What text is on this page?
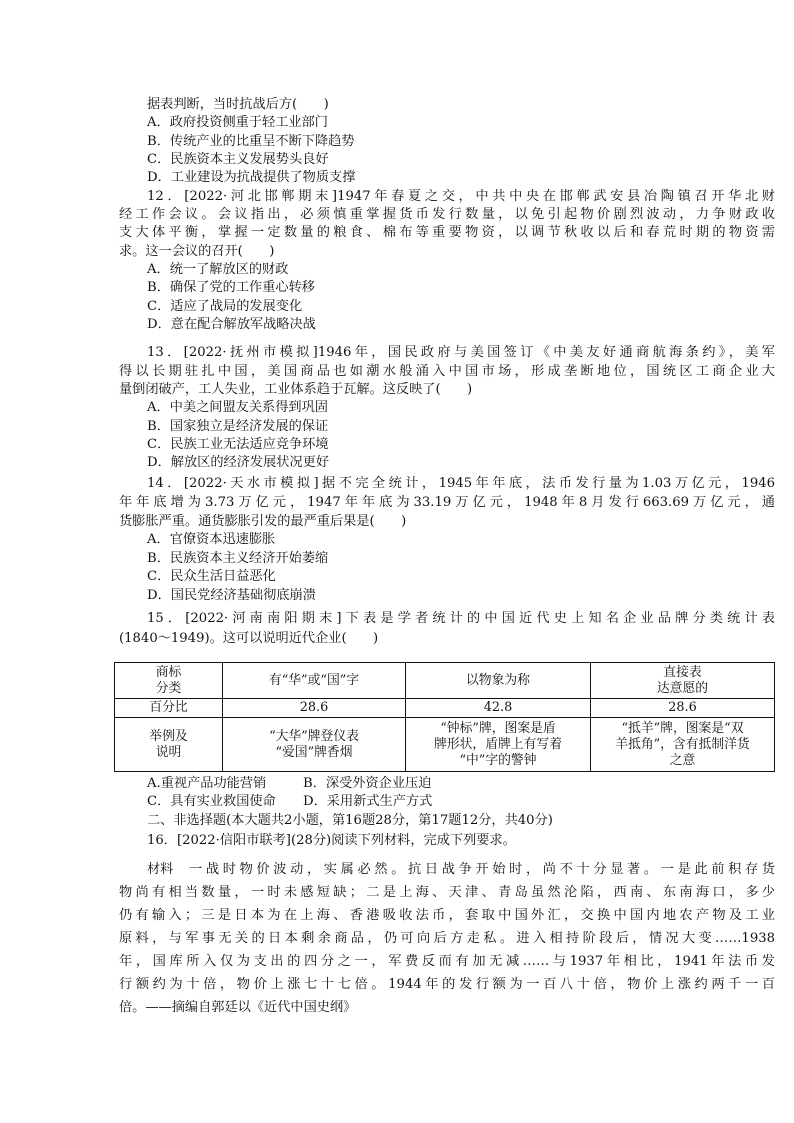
据表判断，当时抗战后方(　　)
A．政府投资侧重于轻工业部门
B．传统产业的比重呈不断下降趋势
C．民族资本主义发展势头良好
D．工业建设为抗战提供了物质支撑
12．[2022·河北邯郸期末]1947年春夏之交，中共中央在邯郸武安县冶陶镇召开华北财
经工作会议。会议指出，必须慎重掌握货币发行数量，以免引起物价剧烈波动，力争财政收
支大体平衡，掌握一定数量的粮食、棉布等重要物资，以调节秋收以后和春荒时期的物资需
求。这一会议的召开(　　)
A．统一了解放区的财政
B．确保了党的工作重心转移
C．适应了战局的发展变化
D．意在配合解放军战略决战
13．[2022·抚州市模拟]1946年，国民政府与美国签订《中美友好通商航海条约》，美军
得以长期驻扎中国，美国商品也如潮水般涌入中国市场，形成垄断地位，国统区工商企业大
量倒闭破产，工人失业，工业体系趋于瓦解。这反映了(　　)
A．中美之间盟友关系得到巩固
B．国家独立是经济发展的保证
C．民族工业无法适应竞争环境
D．解放区的经济发展状况更好
14．[2022·天水市模拟]据不完全统计，1945年年底，法币发行量为1.03万亿元，1946
年年底增为3.73万亿元，1947年年底为33.19万亿元，1948年8月发行663.69万亿元，通
货膨胀严重。通货膨胀引发的最严重后果是(　　)
A．官僚资本迅速膨胀
B．民族资本主义经济开始萎缩
C．民众生活日益恶化
D．国民党经济基础彻底崩溃
15．[2022·河南南阳期末]下表是学者统计的中国近代史上知名企业品牌分类统计表
(1840～1949)。这可以说明近代企业(　　)
商标
分类	有“华”或“国”字	以物象为称	直接表
达意愿的

百分比	28.6	42.8	28.6

举例及
说明	“大华”牌登仪表
“爱国”牌香烟	“钟标”牌，图案是盾
牌形状，盾牌上有写着
“中”字的警钟	“抵羊”牌，图案是“双
羊抵角”，含有抵制洋货
之意
A.重视产品功能营销	B．深受外资企业压迫
C．具有实业救国使命 D．采用新式生产方式
二、非选择题(本大题共2小题，第16题28分，第17题12分，共40分)
16．[2022·信阳市联考](28分)阅读下列材料，完成下列要求。
材料 一战时物价波动，实属必然。抗日战争开始时，尚不十分显著。一是此前积存货
物尚有相当数量，一时未感短缺；二是上海、天津、青岛虽然沦陷，西南、东南海口，多少
仍有输入；三是日本为在上海、香港吸收法币，套取中国外汇，交换中国内地农产物及工业
原料，与军事无关的日本剩余商品，仍可向后方走私。进入相持阶段后，情况大变……1938
年，国库所入仅为支出的四分之一，军费反而有加无减……与1937年相比，1941年法币发
行额约为十倍，物价上涨七十七倍。1944年的发行额为一百八十倍，物价上涨约两千一百
倍。——摘编自郭廷以《近代中国史纲》
